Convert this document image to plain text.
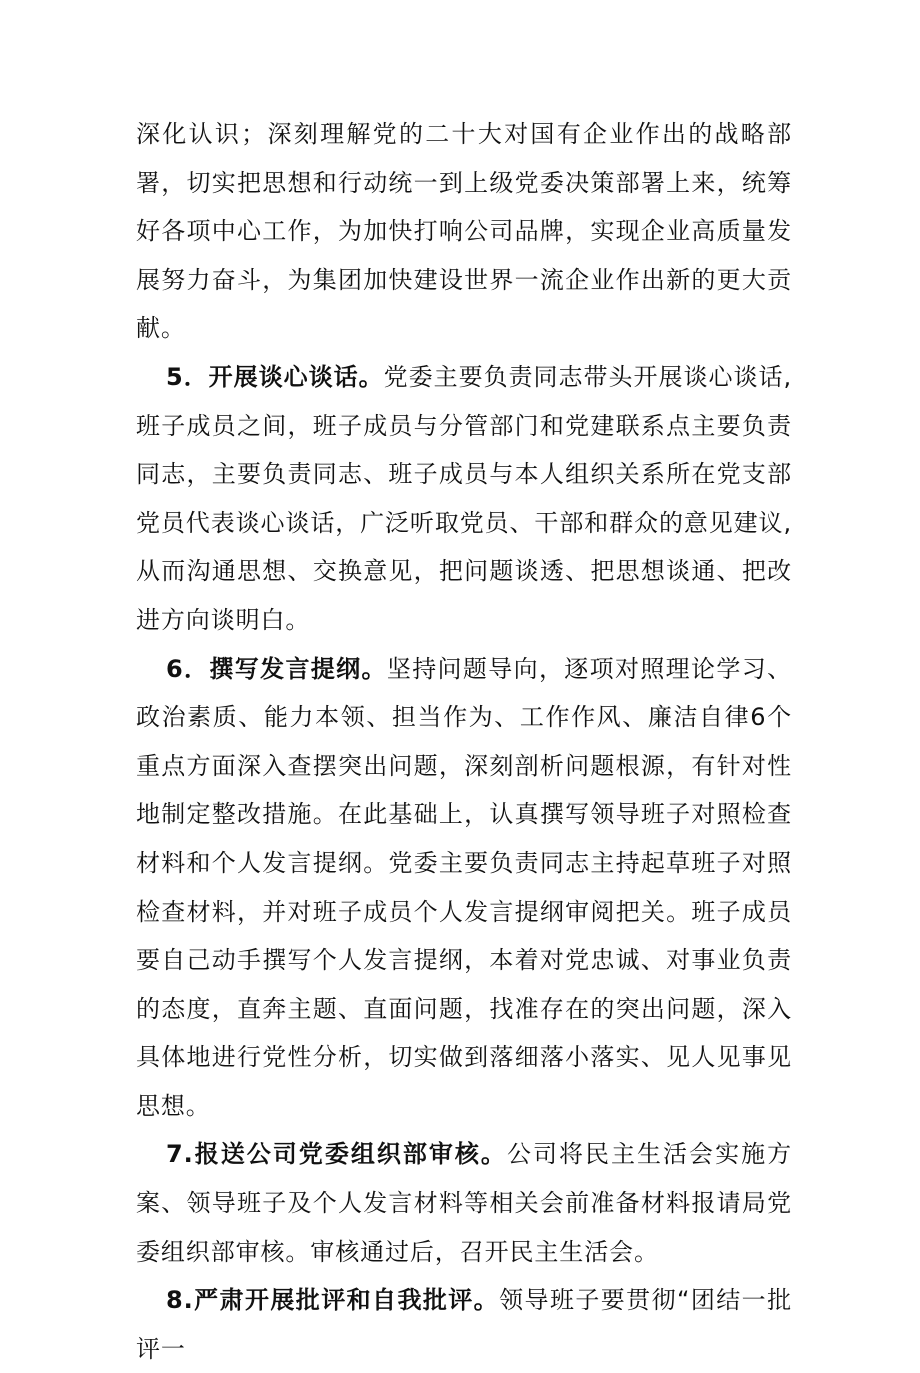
深化认识；深刻理解党的二十大对国有企业作出的战略部署，切实把思想和行动统一到上级党委决策部署上来，统筹好各项中心工作，为加快打响公司品牌，实现企业高质量发展努力奋斗，为集团加快建设世界一流企业作出新的更大贡献。

5．开展谈心谈话。党委主要负责同志带头开展谈心谈话,班子成员之间，班子成员与分管部门和党建联系点主要负责同志，主要负责同志、班子成员与本人组织关系所在党支部党员代表谈心谈话，广泛听取党员、干部和群众的意见建议,从而沟通思想、交换意见，把问题谈透、把思想谈通、把改进方向谈明白。

6．撰写发言提纲。坚持问题导向，逐项对照理论学习、政治素质、能力本领、担当作为、工作作风、廉洁自律6个重点方面深入查摆突出问题，深刻剖析问题根源，有针对性地制定整改措施。在此基础上，认真撰写领导班子对照检查材料和个人发言提纲。党委主要负责同志主持起草班子对照检查材料，并对班子成员个人发言提纲审阅把关。班子成员要自己动手撰写个人发言提纲，本着对党忠诚、对事业负责的态度，直奔主题、直面问题，找准存在的突出问题，深入具体地进行党性分析，切实做到落细落小落实、见人见事见思想。

7.报送公司党委组织部审核。公司将民主生活会实施方案、领导班子及个人发言材料等相关会前准备材料报请局党委组织部审核。审核通过后，召开民主生活会。

8.严肃开展批评和自我批评。领导班子要贯彻“团结一批评一
